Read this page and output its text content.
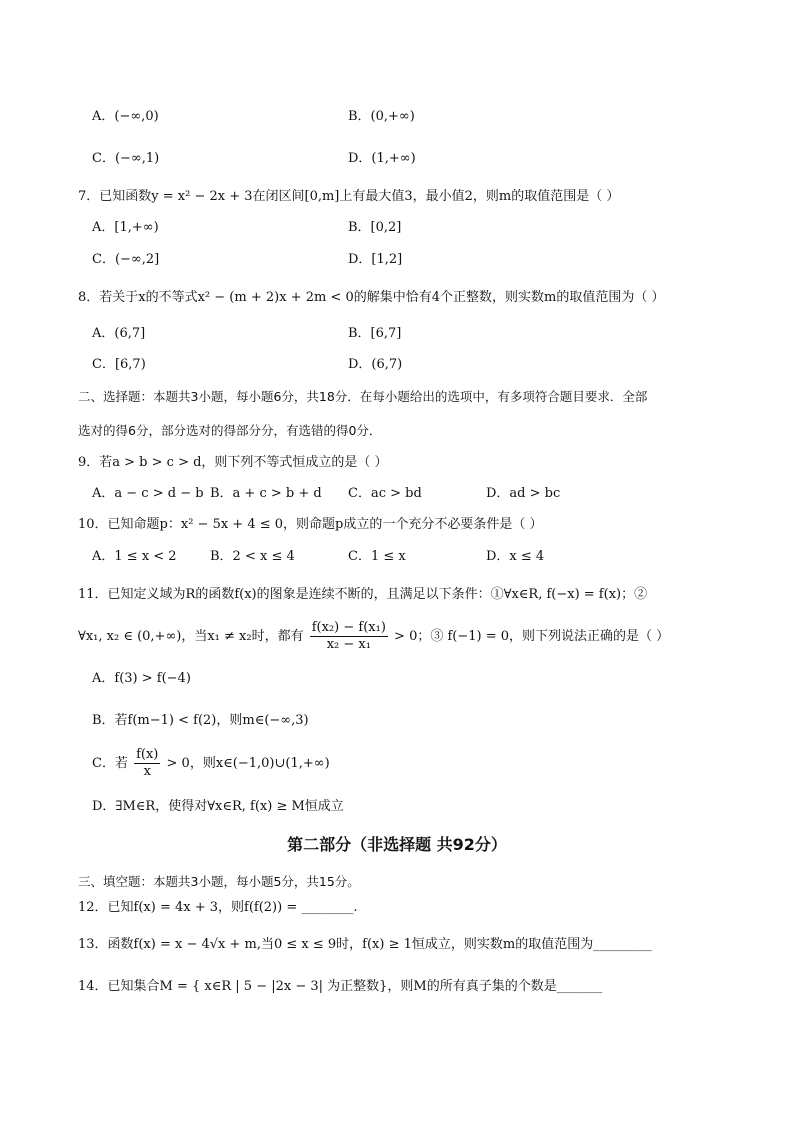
A．(−∞,0)	B．(0,+∞)
C．(−∞,1)	D．(1,+∞)
7．已知函数y = x² − 2x + 3在闭区间[0,m]上有最大值3，最小值2，则m的取值范围是（ ）
A．[1,+∞)	B．[0,2]
C．(−∞,2]	D．[1,2]
8．若关于x的不等式x² − (m + 2)x + 2m < 0的解集中恰有4个正整数，则实数m的取值范围为（ ）
A．(6,7]	B．[6,7]
C．[6,7)	D．(6,7)
二、选择题：本题共3小题，每小题6分，共18分．在每小题给出的选项中，有多项符合题目要求．全部
选对的得6分，部分选对的得部分分，有选错的得0分．
9．若a > b > c > d，则下列不等式恒成立的是（ ）
A．a − c > d − b B．a + c > b + d C．ac > bd	D．ad > bc
10．已知命题p：x² − 5x + 4 ≤ 0，则命题p成立的一个充分不必要条件是（ ）
A．1 ≤ x < 2	B．2 < x ≤ 4	C．1 ≤ x	D．x ≤ 4
11．已知定义域为R的函数f(x)的图象是连续不断的，且满足以下条件：①∀x∈R, f(−x) = f(x)；②
∀x₁, x₂ ∈ (0,+∞)，当x₁ ≠ x₂时，都有 $\frac{\text{f(x₂) − f(x₁)}}{\text{x₂ − x₁}} > 0$；③ f(−1) = 0，则下列说法正确的是（ ）
A．f(3) > f(−4)
B．若f(m−1) < f(2)，则m∈(−∞,3)
C．若 $\frac{f(x)}{x} > 0$，则x∈(−1,0)∪(1,+∞)
D．∃M∈R，使得对∀x∈R, f(x) ≥ M恒成立
第二部分（非选择题 共92分）
三、填空题：本题共3小题，每小题5分，共15分。
12．已知f(x) = 4x + 3，则f(f(2)) = ________.
13．函数f(x) = x − 4√x + m,当0 ≤ x ≤ 9时，f(x) ≥ 1恒成立，则实数m的取值范围为_________
14．已知集合M = { x∈R | 5 − |2x − 3| 为正整数}，则M的所有真子集的个数是_______
